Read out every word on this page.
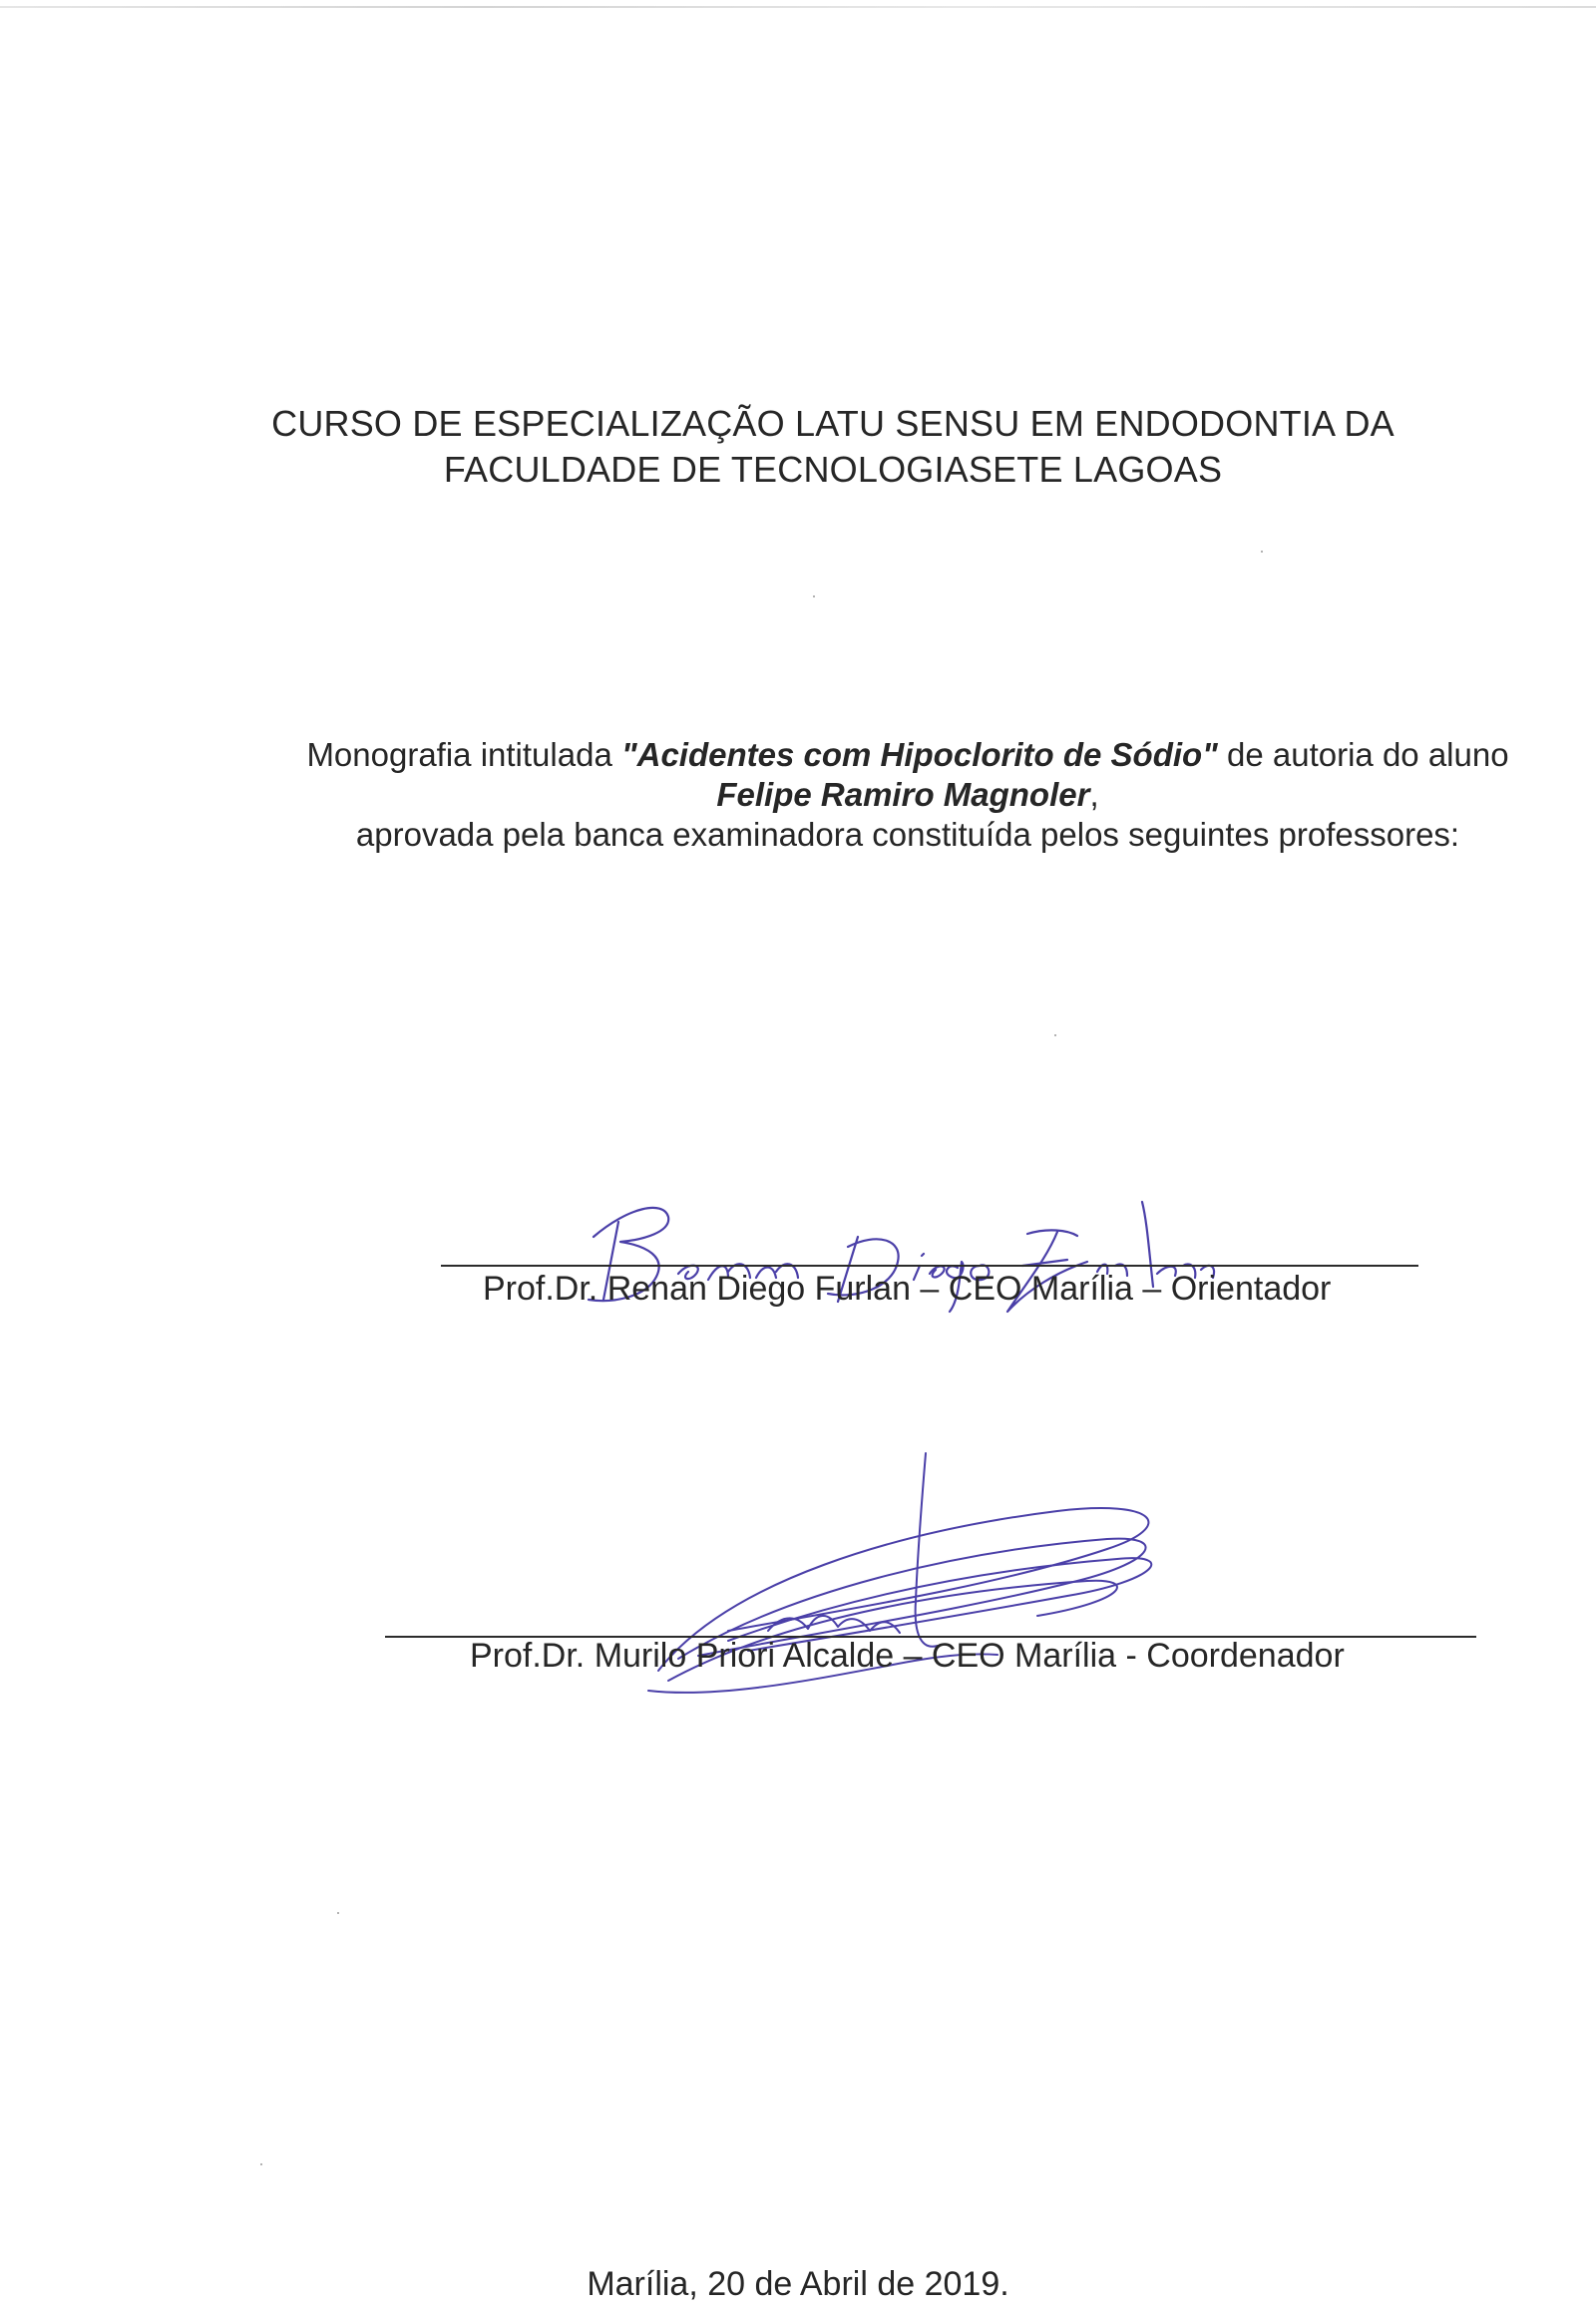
CURSO DE ESPECIALIZAÇÃO LATU SENSU EM ENDODONTIA DA
FACULDADE DE TECNOLOGIASETE LAGOAS
Monografia intitulada "Acidentes com Hipoclorito de Sódio" de autoria do aluno
Felipe Ramiro Magnoler,
aprovada pela banca examinadora constituída pelos seguintes professores:
Prof.Dr. Renan Diego Furlan – CEO Marília – Orientador
Prof.Dr. Murilo Priori Alcalde – CEO Marília - Coordenador
Marília, 20 de Abril de 2019.
